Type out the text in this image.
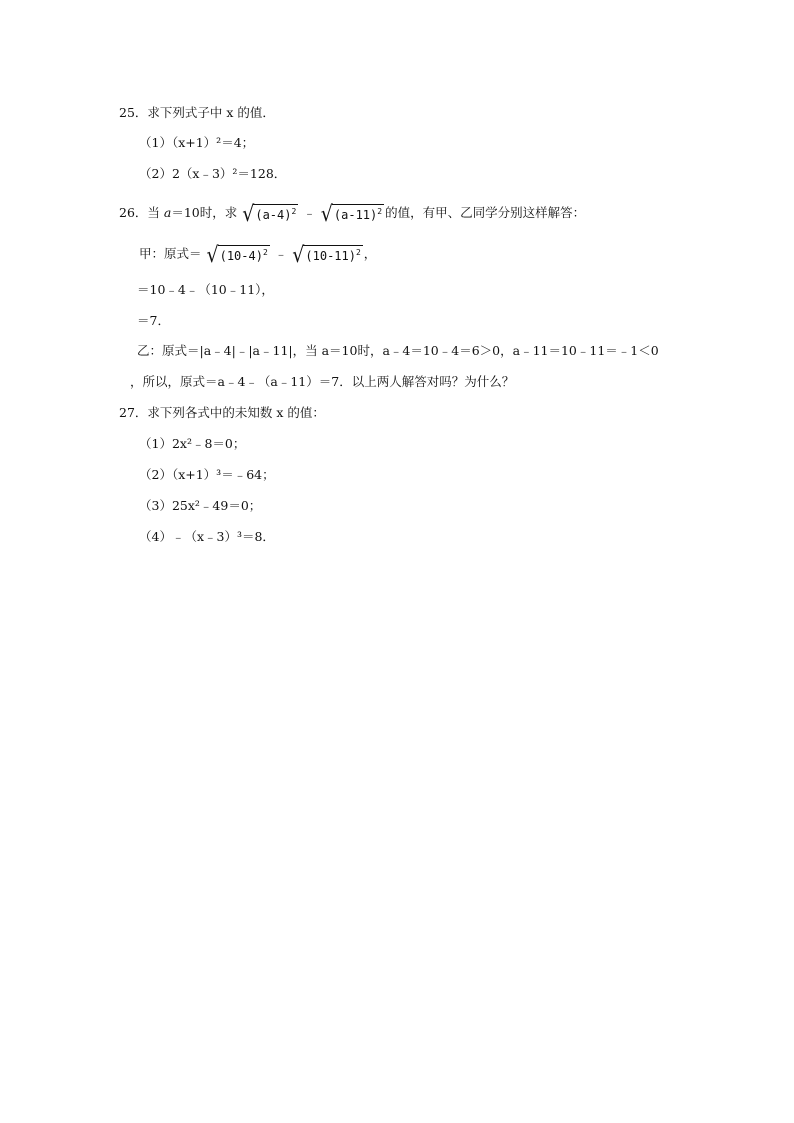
25．求下列式子中 x 的值．
（1）（x+1）²＝4；
（2）2（x﹣3）²＝128．
26．当 a＝10时，求 √ $(a-4)^2$ ﹣ √ $(a-11)^2$ 的值，有甲、乙同学分别这样解答：
甲：原式＝ √ $(10-4)^2$ ﹣ √ $(10-11)^2$ ，
＝10﹣4﹣（10﹣11），
＝7．
乙：原式＝|a﹣4|﹣|a﹣11|，当 a＝10时，a﹣4＝10﹣4＝6＞0，a﹣11＝10﹣11＝﹣1＜0
，所以，原式＝a﹣4﹣（a﹣11）＝7．以上两人解答对吗？为什么？
27．求下列各式中的未知数 x 的值：
（1）2x²﹣8＝0；
（2）（x+1）³＝﹣64；
（3）25x²﹣49＝0；
（4）﹣（x﹣3）³＝8．
